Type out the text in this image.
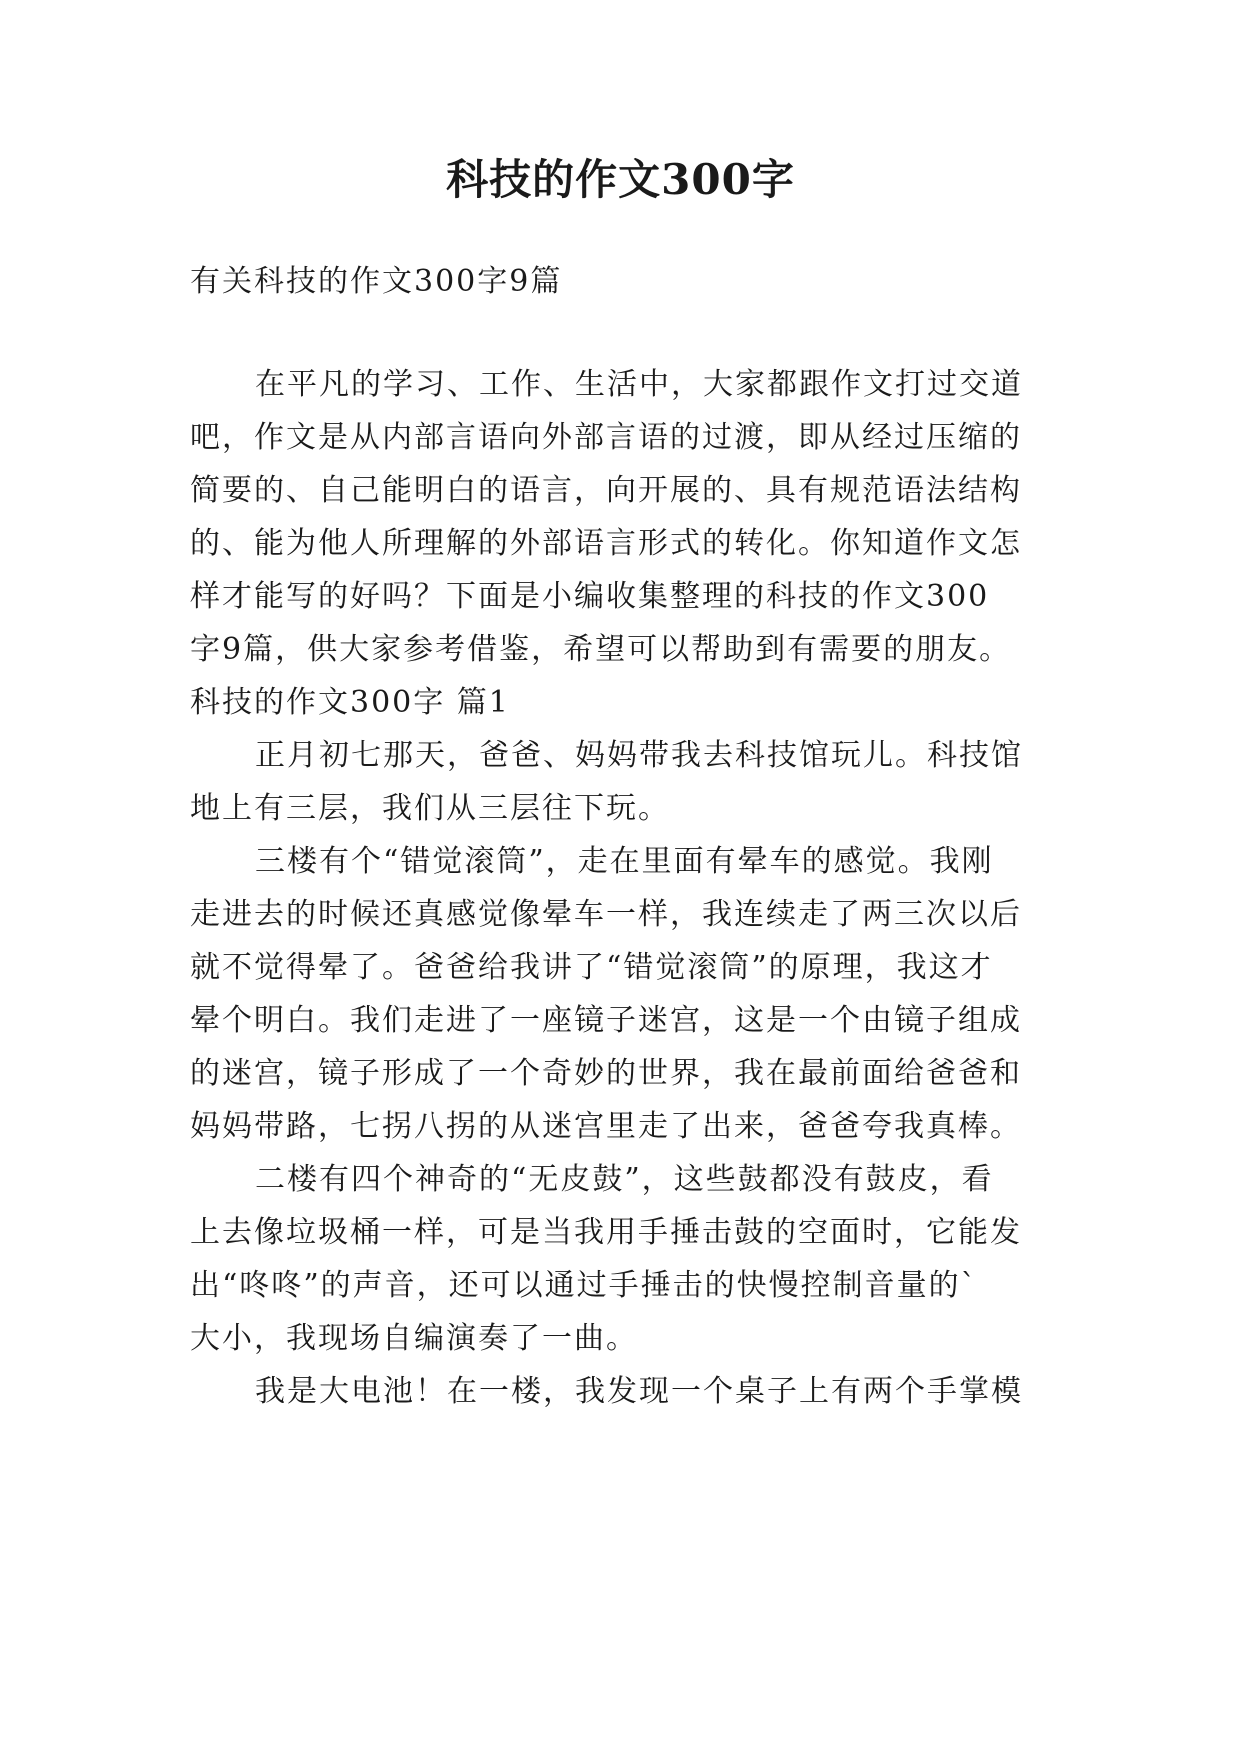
科技的作文300字

有关科技的作文300字9篇

在平凡的学习、工作、生活中，大家都跟作文打过交道

吧，作文是从内部言语向外部言语的过渡，即从经过压缩的

简要的、自己能明白的语言，向开展的、具有规范语法结构

的、能为他人所理解的外部语言形式的转化。你知道作文怎

样才能写的好吗？下面是小编收集整理的科技的作文300

字9篇，供大家参考借鉴，希望可以帮助到有需要的朋友。

科技的作文300字 篇1

正月初七那天，爸爸、妈妈带我去科技馆玩儿。科技馆

地上有三层，我们从三层往下玩。

三楼有个“错觉滚筒”，走在里面有晕车的感觉。我刚

走进去的时候还真感觉像晕车一样，我连续走了两三次以后

就不觉得晕了。爸爸给我讲了“错觉滚筒”的原理，我这才

晕个明白。我们走进了一座镜子迷宫，这是一个由镜子组成

的迷宫，镜子形成了一个奇妙的世界，我在最前面给爸爸和

妈妈带路，七拐八拐的从迷宫里走了出来，爸爸夸我真棒。

二楼有四个神奇的“无皮鼓”，这些鼓都没有鼓皮，看

上去像垃圾桶一样，可是当我用手捶击鼓的空面时，它能发

出“咚咚”的声音，还可以通过手捶击的快慢控制音量的`

大小，我现场自编演奏了一曲。

我是大电池！在一楼，我发现一个桌子上有两个手掌模
